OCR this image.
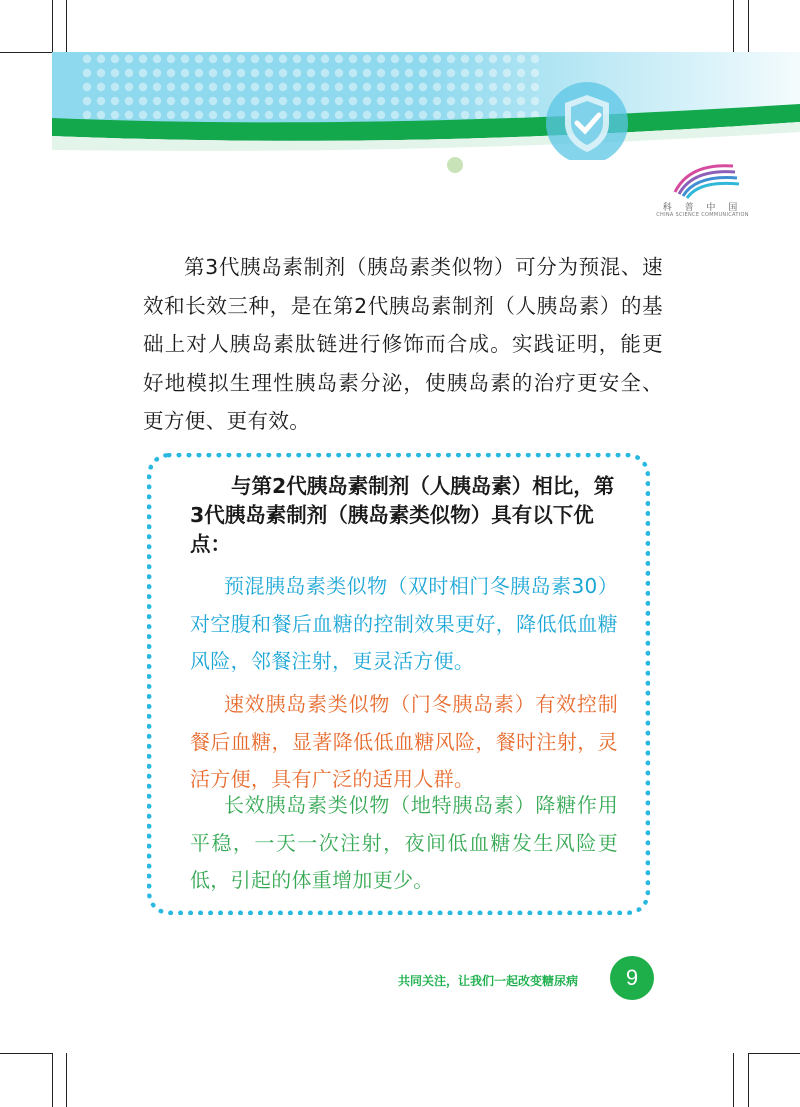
科 普 中 国
CHINA SCIENCE COMMUNICATION

第3代胰岛素制剂（胰岛素类似物）可分为预混、速效和长效三种，是在第2代胰岛素制剂（人胰岛素）的基础上对人胰岛素肽链进行修饰而合成。实践证明，能更好地模拟生理性胰岛素分泌，使胰岛素的治疗更安全、更方便、更有效。

与第2代胰岛素制剂（人胰岛素）相比，第3代胰岛素制剂（胰岛素类似物）具有以下优点：

预混胰岛素类似物（双时相门冬胰岛素30）对空腹和餐后血糖的控制效果更好，降低低血糖风险，邻餐注射，更灵活方便。

速效胰岛素类似物（门冬胰岛素）有效控制餐后血糖，显著降低低血糖风险，餐时注射，灵活方便，具有广泛的适用人群。

长效胰岛素类似物（地特胰岛素）降糖作用平稳，一天一次注射，夜间低血糖发生风险更低，引起的体重增加更少。

共同关注，让我们一起改变糖尿病	9
